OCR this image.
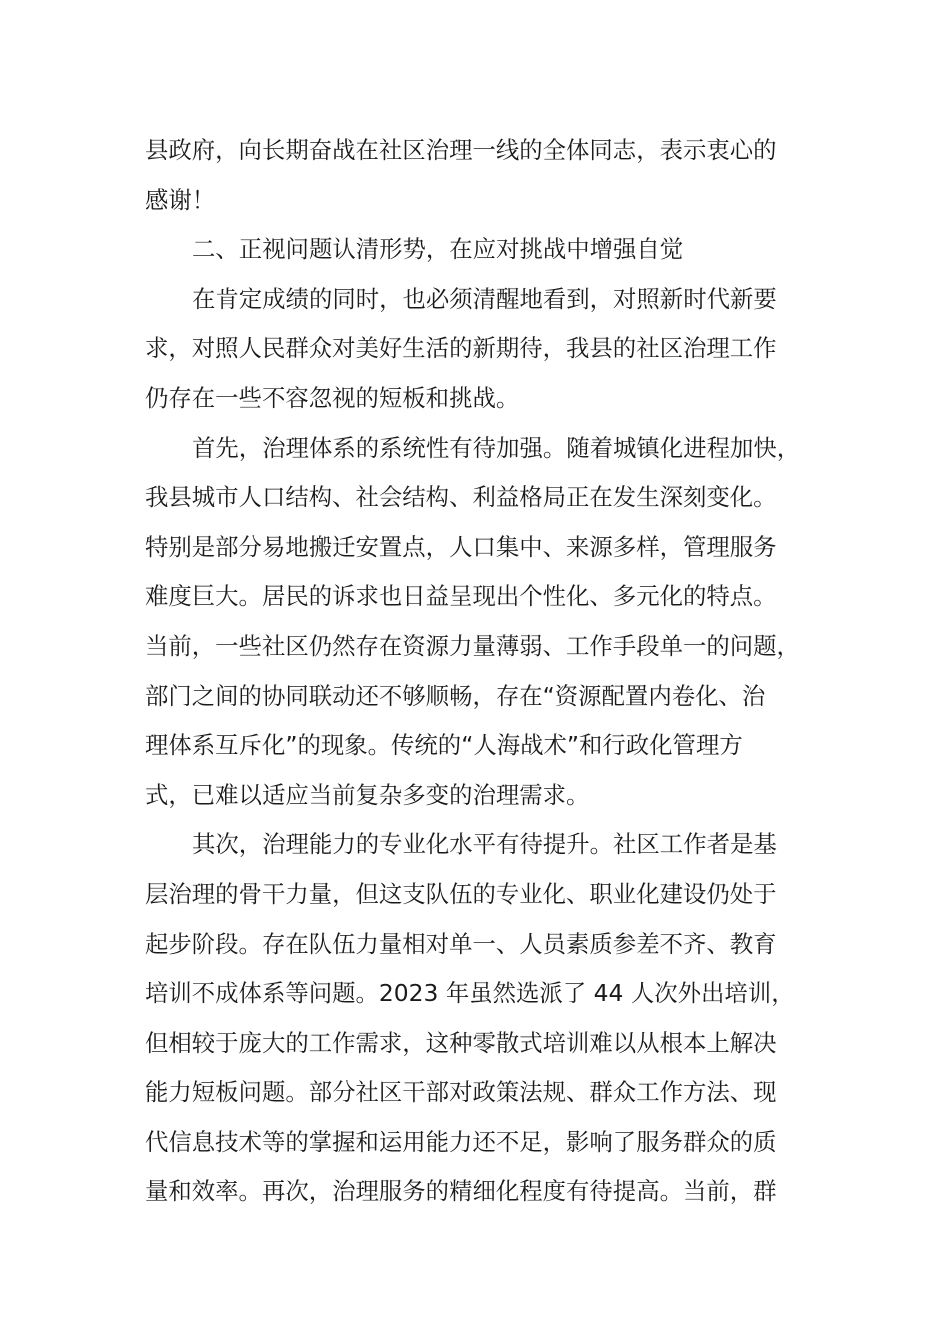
县政府，向长期奋战在社区治理一线的全体同志，表示衷心的
感谢！
二、正视问题认清形势，在应对挑战中增强自觉
在肯定成绩的同时，也必须清醒地看到，对照新时代新要
求，对照人民群众对美好生活的新期待，我县的社区治理工作
仍存在一些不容忽视的短板和挑战。
首先，治理体系的系统性有待加强。随着城镇化进程加快，
我县城市人口结构、社会结构、利益格局正在发生深刻变化。
特别是部分易地搬迁安置点，人口集中、来源多样，管理服务
难度巨大。居民的诉求也日益呈现出个性化、多元化的特点。
当前，一些社区仍然存在资源力量薄弱、工作手段单一的问题，
部门之间的协同联动还不够顺畅，存在“资源配置内卷化、治
理体系互斥化”的现象。传统的“人海战术”和行政化管理方
式，已难以适应当前复杂多变的治理需求。
其次，治理能力的专业化水平有待提升。社区工作者是基
层治理的骨干力量，但这支队伍的专业化、职业化建设仍处于
起步阶段。存在队伍力量相对单一、人员素质参差不齐、教育
培训不成体系等问题。2023 年虽然选派了 44 人次外出培训，
但相较于庞大的工作需求，这种零散式培训难以从根本上解决
能力短板问题。部分社区干部对政策法规、群众工作方法、现
代信息技术等的掌握和运用能力还不足，影响了服务群众的质
量和效率。再次，治理服务的精细化程度有待提高。当前，群
